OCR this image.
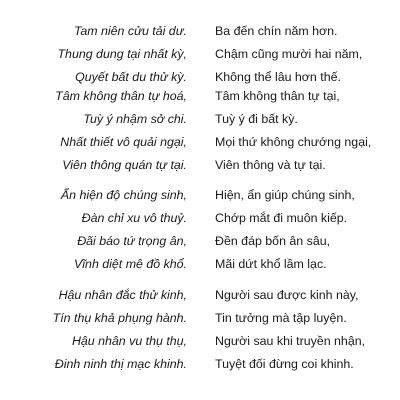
Tam niên cửu tải dư. Ba đến chín năm hơn.
Thung dung tại nhất kỳ, Chậm cũng mười hai năm,
Quyết bất du thử kỳ. Không thể lâu hơn thế.
Tâm không thân tự hoá, Tâm không thân tự tại,
Tuỳ ý nhậm sở chi. Tuỳ ý đi bất kỳ.
Nhất thiết vô quải ngại, Mọi thứ không chướng ngại,
Viên thông quán tự tại. Viên thông và tự tại.
Ẩn hiện độ chúng sinh, Hiện, ẩn giúp chúng sinh,
Đàn chỉ xu vô thuỷ. Chớp mắt đi muôn kiếp.
Đãi báo tứ trọng ân, Đền đáp bốn ân sâu,
Vĩnh diệt mê đồ khổ. Mãi dứt khổ lầm lạc.
Hậu nhân đắc thử kinh, Người sau được kinh này,
Tín thụ khả phụng hành. Tin tưởng mà tập luyện.
Hậu nhân vu thụ thụ, Người sau khi truyền nhận,
Đinh ninh thị mạc khinh. Tuyệt đối đừng coi khinh.
